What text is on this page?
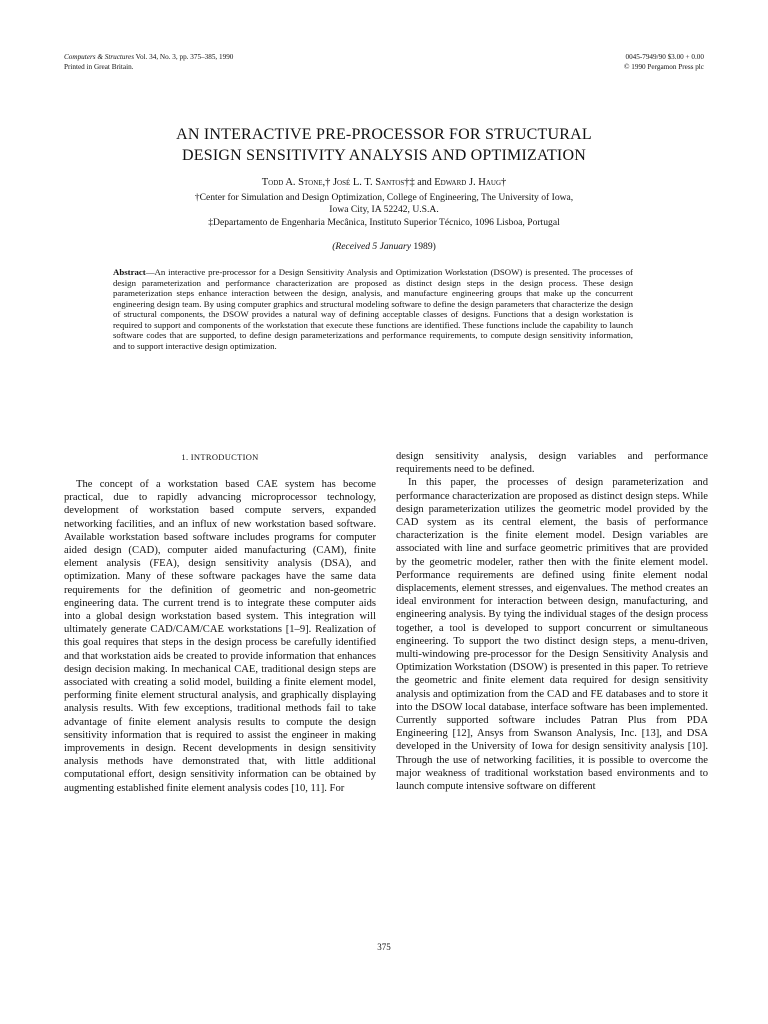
Computers & Structures Vol. 34, No. 3, pp. 375–385, 1990
Printed in Great Britain.
0045-7949/90 $3.00 + 0.00
© 1990 Pergamon Press plc
AN INTERACTIVE PRE-PROCESSOR FOR STRUCTURAL
DESIGN SENSITIVITY ANALYSIS AND OPTIMIZATION
Todd A. Stone,† José L. T. Santos†‡ and Edward J. Haug†
†Center for Simulation and Design Optimization, College of Engineering, The University of Iowa,
Iowa City, IA 52242, U.S.A.
‡Departamento de Engenharia Mecânica, Instituto Superior Técnico, 1096 Lisboa, Portugal
(Received 5 January 1989)
Abstract—An interactive pre-processor for a Design Sensitivity Analysis and Optimization Workstation (DSOW) is presented. The processes of design parameterization and performance characterization are proposed as distinct design steps in the design process. These design parameterization steps enhance interaction between the design, analysis, and manufacture engineering groups that make up the concurrent engineering design team. By using computer graphics and structural modeling software to define the design parameters that characterize the design of structural components, the DSOW provides a natural way of defining acceptable classes of designs. Functions that a design workstation is required to support and components of the workstation that execute these functions are identified. These functions include the capability to launch software codes that are supported, to define design parameterizations and performance requirements, to compute design sensitivity information, and to support interactive design optimization.
1. INTRODUCTION

The concept of a workstation based CAE system has become practical, due to rapidly advancing microprocessor technology, development of workstation based compute servers, expanded networking facilities, and an influx of new workstation based software. Available workstation based software includes programs for computer aided design (CAD), computer aided manufacturing (CAM), finite element analysis (FEA), design sensitivity analysis (DSA), and optimization. Many of these software packages have the same data requirements for the definition of geometric and non-geometric engineering data. The current trend is to integrate these computer aids into a global design workstation based system. This integration will ultimately generate CAD/CAM/CAE workstations [1–9]. Realization of this goal requires that steps in the design process be carefully identified and that workstation aids be created to provide information that enhances design decision making. In mechanical CAE, traditional design steps are associated with creating a solid model, building a finite element model, performing finite element structural analysis, and graphically displaying analysis results. With few exceptions, traditional methods fail to take advantage of finite element analysis results to compute the design sensitivity information that is required to assist the engineer in making improvements in design. Recent developments in design sensitivity analysis methods have demonstrated that, with little additional computational effort, design sensitivity information can be obtained by augmenting established finite element analysis codes [10, 11]. For

design sensitivity analysis, design variables and performance requirements need to be defined.

In this paper, the processes of design parameterization and performance characterization are proposed as distinct design steps. While design parameterization utilizes the geometric model provided by the CAD system as its central element, the basis of performance characterization is the finite element model. Design variables are associated with line and surface geometric primitives that are provided by the geometric modeler, rather then with the finite element model. Performance requirements are defined using finite element nodal displacements, element stresses, and eigenvalues. The method creates an ideal environment for interaction between design, manufacturing, and engineering analysis. By tying the individual stages of the design process together, a tool is developed to support concurrent or simultaneous engineering. To support the two distinct design steps, a menu-driven, multi-windowing pre-processor for the Design Sensitivity Analysis and Optimization Workstation (DSOW) is presented in this paper. To retrieve the geometric and finite element data required for design sensitivity analysis and optimization from the CAD and FE databases and to store it into the DSOW local database, interface software has been implemented. Currently supported software includes Patran Plus from PDA Engineering [12], Ansys from Swanson Analysis, Inc. [13], and DSA developed in the University of Iowa for design sensitivity analysis [10]. Through the use of networking facilities, it is possible to overcome the major weakness of traditional workstation based environments and to launch compute intensive software on different

375
